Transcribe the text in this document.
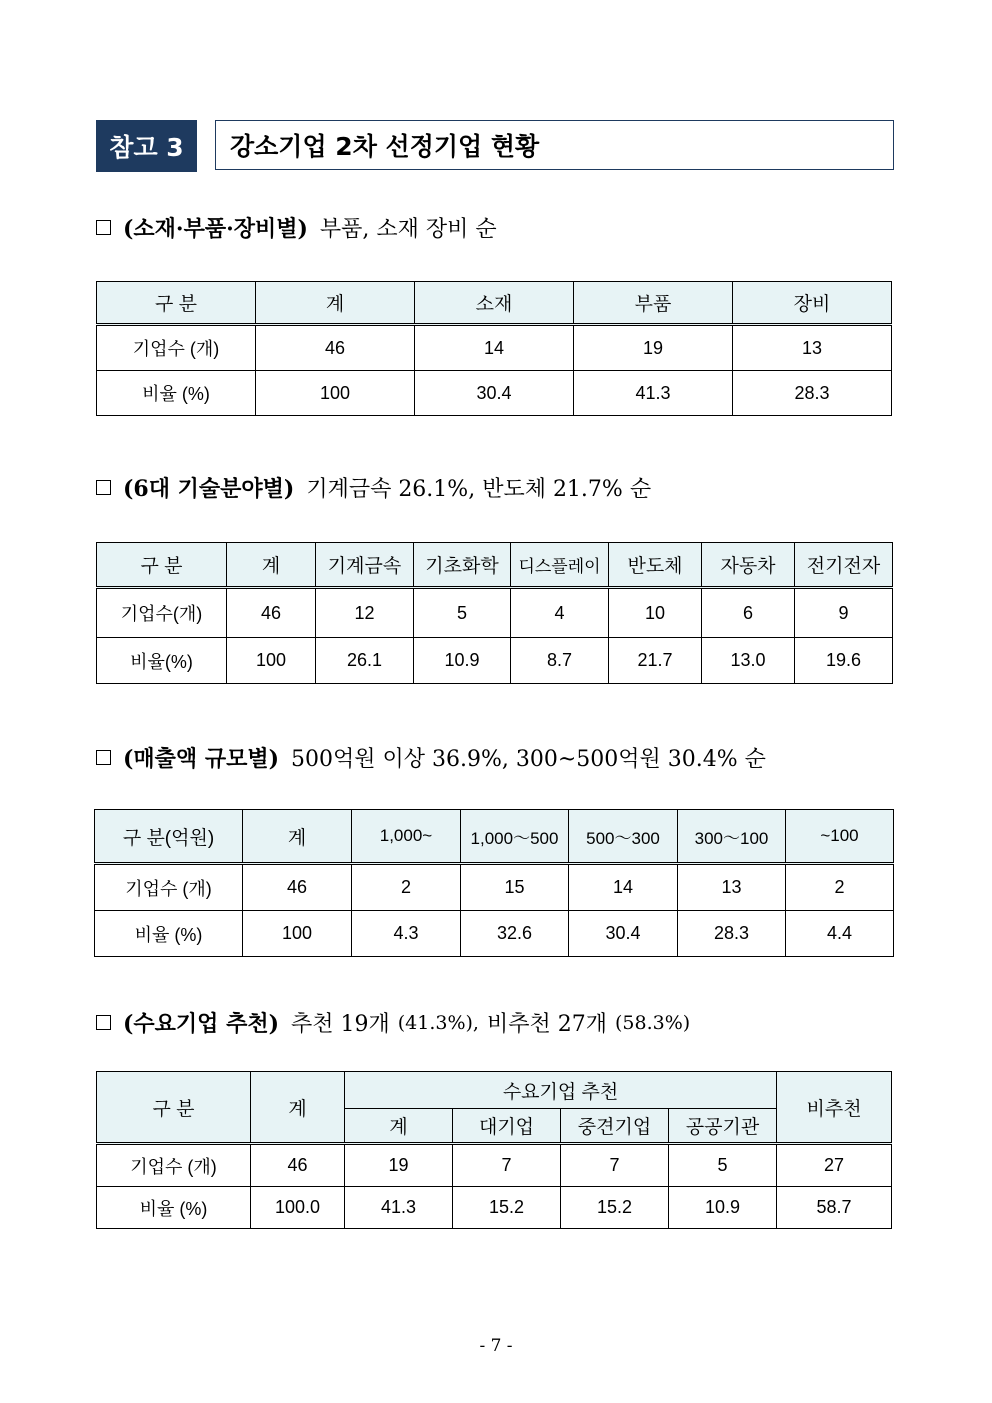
참고 3	강소기업 2차 선정기업 현황
(소재·부품·장비별) 부품, 소재 장비 순
구 분	계	소재	부품	장비
기업수 (개)	46	14	19	13
비율 (%)	100	30.4	41.3	28.3
(6대 기술분야별) 기계금속 26.1%, 반도체 21.7% 순
구 분	계	기계금속	기초화학	디스플레이	반도체	자동차	전기전자
기업수(개)	46	12	5	4	10	6	9
비율(%)	100	26.1	10.9	8.7	21.7	13.0	19.6
(매출액 규모별) 500억원 이상 36.9%, 300~500억원 30.4% 순
구 분(억원)	계	1,000~	1,000～500	500～300	300～100	~100
기업수 (개)	46	2	15	14	13	2
비율 (%)	100	4.3	32.6	30.4	28.3	4.4
(수요기업 추천) 추천 19개 (41.3%), 비추천 27개 (58.3%)
구 분	계	수요기업 추천				비추천
		계	대기업	중견기업	공공기관	
기업수 (개)	46	19	7	7	5	27
비율 (%)	100.0	41.3	15.2	15.2	10.9	58.7
- 7 -
